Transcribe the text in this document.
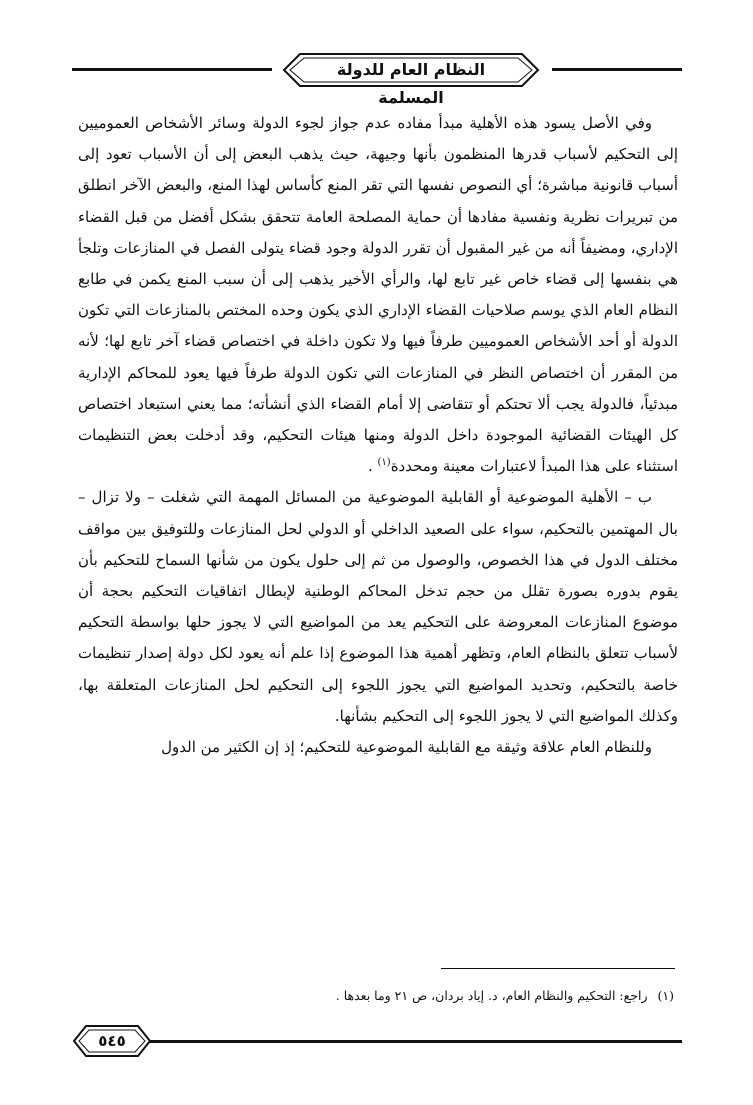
النظام العام للدولة المسلمة

وفي الأصل يسود هذه الأهلية مبدأ مفاده عدم جواز لجوء الدولة وسائر الأشخاص العموميين إلى التحكيم لأسباب قدرها المنظمون بأنها وجيهة، حيث يذهب البعض إلى أن الأسباب تعود إلى أسباب قانونية مباشرة؛ أي النصوص نفسها التي تقر المنع كأساس لهذا المنع، والبعض الآخر انطلق من تبريرات نظرية ونفسية مفادها أن حماية المصلحة العامة تتحقق بشكل أفضل من قبل القضاء الإداري، ومضيفاً أنه من غير المقبول أن تقرر الدولة وجود قضاء يتولى الفصل في المنازعات وتلجأ هي بنفسها إلى قضاء خاص غير تابع لها، والرأي الأخير يذهب إلى أن سبب المنع يكمن في طابع النظام العام الذي يوسم صلاحيات القضاء الإداري الذي يكون وحده المختص بالمنازعات التي تكون الدولة أو أحد الأشخاص العموميين طرفاً فيها ولا تكون داخلة في اختصاص قضاء آخر تابع لها؛ لأنه من المقرر أن اختصاص النظر في المنازعات التي تكون الدولة طرفاً فيها يعود للمحاكم الإدارية مبدئياً، فالدولة يجب ألا تحتكم أو تتقاضى إلا أمام القضاء الذي أنشأته؛ مما يعني استبعاد اختصاص كل الهيئات القضائية الموجودة داخل الدولة ومنها هيئات التحكيم، وقد أدخلت بعض التنظيمات استثناء على هذا المبدأ لاعتبارات معينة ومحددة$^{(١)}$ .

ب – الأهلية الموضوعية أو القابلية الموضوعية من المسائل المهمة التي شغلت – ولا تزال – بال المهتمين بالتحكيم، سواء على الصعيد الداخلي أو الدولي لحل المنازعات وللتوفيق بين مواقف مختلف الدول في هذا الخصوص، والوصول من ثم إلى حلول يكون من شأنها السماح للتحكيم بأن يقوم بدوره بصورة تقلل من حجم تدخل المحاكم الوطنية لإبطال اتفاقيات التحكيم بحجة أن موضوع المنازعات المعروضة على التحكيم يعد من المواضيع التي لا يجوز حلها بواسطة التحكيم لأسباب تتعلق بالنظام العام، وتظهر أهمية هذا الموضوع إذا علم أنه يعود لكل دولة إصدار تنظيمات خاصة بالتحكيم، وتحديد المواضيع التي يجوز اللجوء إلى التحكيم لحل المنازعات المتعلقة بها، وكذلك المواضيع التي لا يجوز اللجوء إلى التحكيم بشأنها.

وللنظام العام علاقة وثيقة مع القابلية الموضوعية للتحكيم؛ إذ إن الكثير من الدول

(١)راجع: التحكيم والنظام العام، د. إياد بردان، ص ٢١ وما بعدها .
٥٤٥
